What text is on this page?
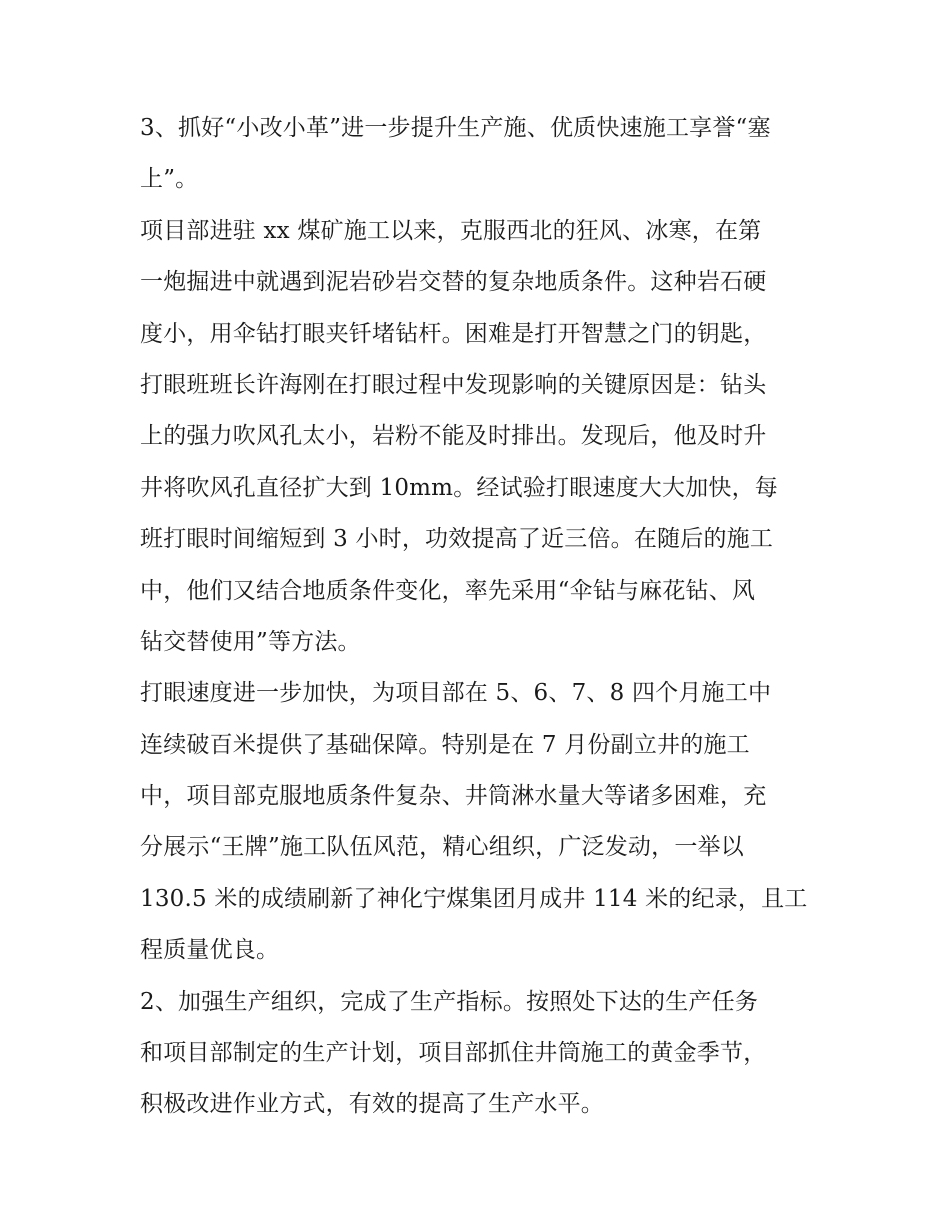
3、抓好“小改小革”进一步提升生产施、优质快速施工享誉“塞
上”。

项目部进驻 xx 煤矿施工以来，克服西北的狂风、冰寒，在第
一炮掘进中就遇到泥岩砂岩交替的复杂地质条件。这种岩石硬
度小，用伞钻打眼夹钎堵钻杆。困难是打开智慧之门的钥匙，
打眼班班长许海刚在打眼过程中发现影响的关键原因是：钻头
上的强力吹风孔太小，岩粉不能及时排出。发现后，他及时升
井将吹风孔直径扩大到 10mm。经试验打眼速度大大加快，每
班打眼时间缩短到 3 小时，功效提高了近三倍。在随后的施工
中，他们又结合地质条件变化，率先采用“伞钻与麻花钻、风
钻交替使用”等方法。

打眼速度进一步加快，为项目部在 5、6、7、8 四个月施工中
连续破百米提供了基础保障。特别是在 7 月份副立井的施工
中，项目部克服地质条件复杂、井筒淋水量大等诸多困难，充
分展示“王牌”施工队伍风范，精心组织，广泛发动，一举以
130.5 米的成绩刷新了神化宁煤集团月成井 114 米的纪录，且工
程质量优良。

2、加强生产组织，完成了生产指标。按照处下达的生产任务
和项目部制定的生产计划，项目部抓住井筒施工的黄金季节，
积极改进作业方式，有效的提高了生产水平。
